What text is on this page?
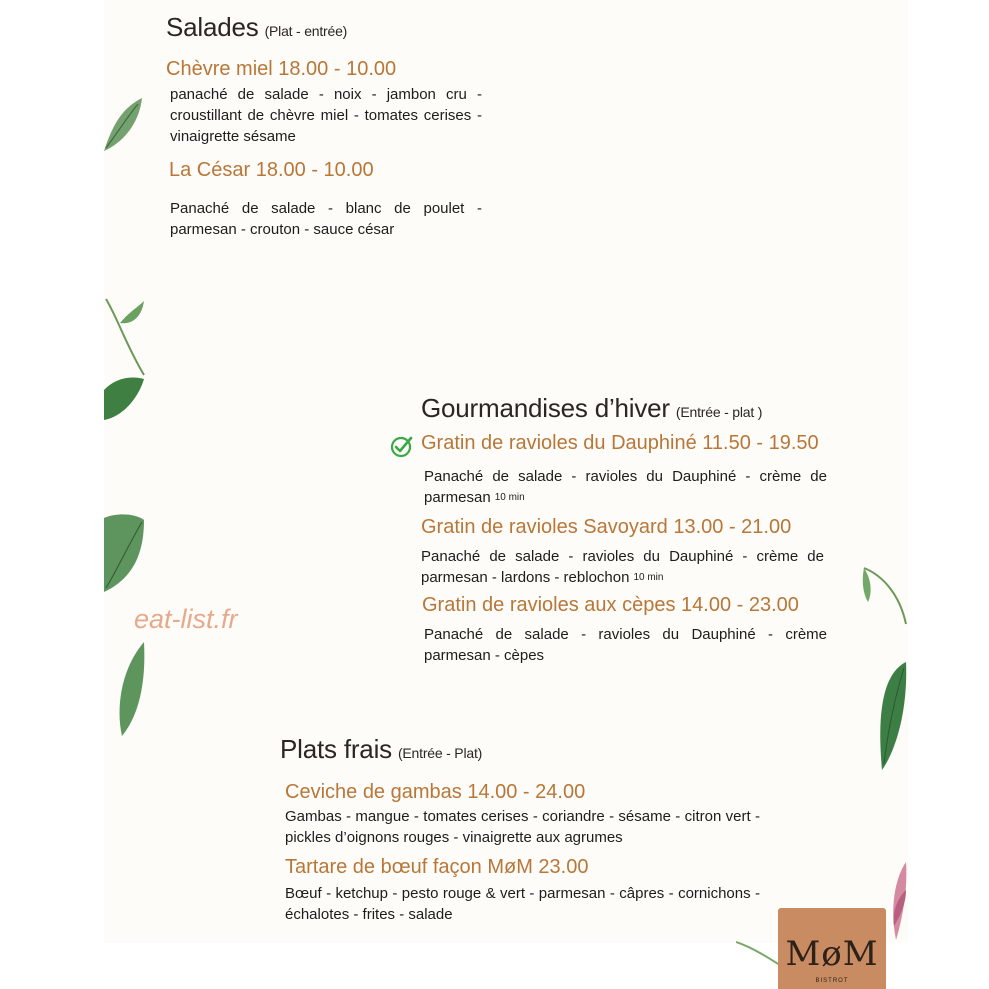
Salades (Plat - entrée)
Chèvre miel 18.00 - 10.00
panaché de salade - noix - jambon cru - croustillant de chèvre miel - tomates cerises - vinaigrette sésame
La César 18.00 - 10.00
Panaché de salade - blanc de poulet - parmesan - crouton - sauce césar
Gourmandises d’hiver (Entrée - plat )
Gratin de ravioles du Dauphiné 11.50 - 19.50
Panaché de salade - ravioles du Dauphiné - crème de parmesan 10 min
Gratin de ravioles Savoyard 13.00 - 21.00
Panaché de salade - ravioles du Dauphiné - crème de parmesan - lardons - reblochon 10 min
Gratin de ravioles aux cèpes 14.00 - 23.00
Panaché de salade - ravioles du Dauphiné - crème parmesan - cèpes
Plats frais (Entrée - Plat)
Ceviche de gambas 14.00 - 24.00
Gambas - mangue - tomates cerises - coriandre - sésame - citron vert - pickles d’oignons rouges - vinaigrette aux agrumes
Tartare de bœuf façon MøM 23.00
Bœuf - ketchup - pesto rouge & vert - parmesan - câpres - cornichons - échalotes - frites - salade
eat-list.fr
MøM
BISTROT
